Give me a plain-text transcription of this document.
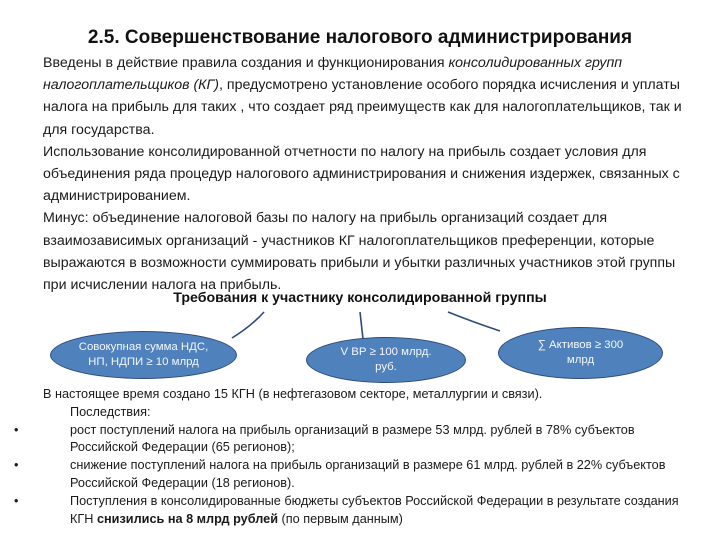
2.5. Совершенствование налогового администрирования

Введены в действие правила создания и функционирования консолидированных групп налогоплательщиков (КГ), предусмотрено установление особого порядка исчисления и уплаты налога на прибыль для таких , что создает ряд преимуществ как для налогоплательщиков, так и для государства.

Использование консолидированной отчетности по налогу на прибыль создает условия для объединения ряда процедур налогового администрирования и снижения издержек, связанных с администрированием.

Минус: объединение налоговой базы по налогу на прибыль организаций создает для взаимозависимых организаций - участников КГ налогоплательщиков преференции, которые выражаются в возможности суммировать прибыли и убытки различных участников этой группы при исчислении налога на прибыль.

Требования к участнику консолидированной группы
Совокупная сумма НДС,
НП, НДПИ ≥ 10 млрд
V ВР ≥ 100 млрд.
руб.
∑ Активов ≥ 300
млрд
В настоящее время создано 15 КГН (в нефтегазовом секторе, металлургии и связи).
Последствия:
•	рост поступлений налога на прибыль организаций в размере 53 млрд. рублей в 78% субъектов Российской Федерации (65 регионов);
•	снижение поступлений налога на прибыль организаций в размере 61 млрд. рублей в 22% субъектов Российской Федерации (18 регионов).
•	Поступления в консолидированные бюджеты субъектов Российской Федерации в результате создания КГН снизились на 8 млрд рублей (по первым данным)
